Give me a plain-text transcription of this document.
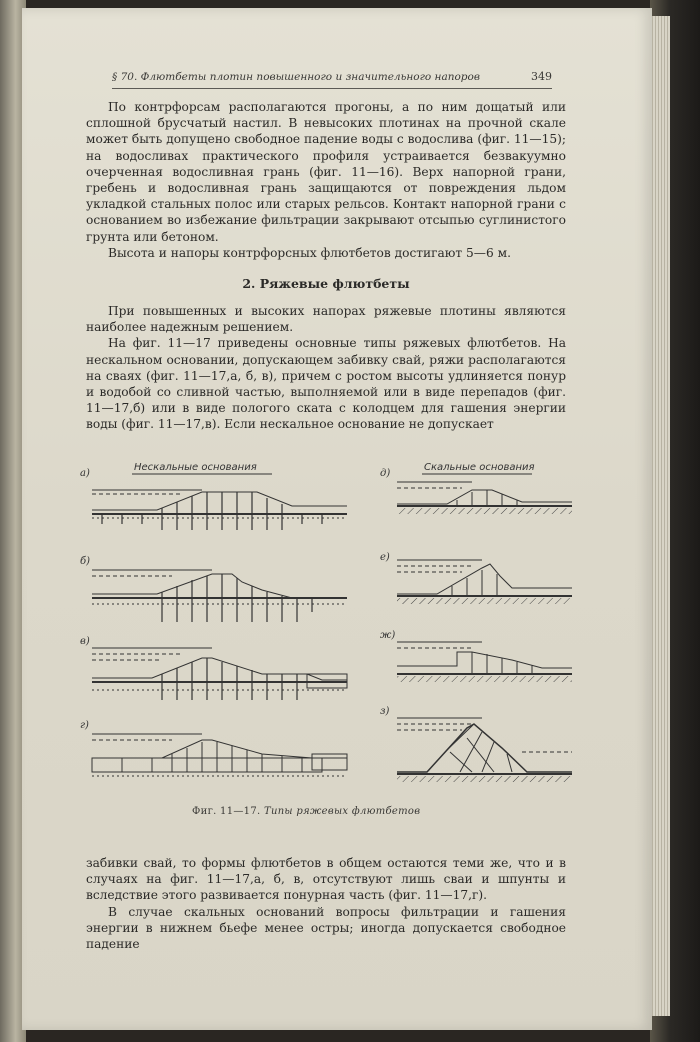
§ 70. Флютбеты плотин повышенного и значительного напоров	349

По контрфорсам располагаются прогоны, а по ним дощатый или сплошной брусчатый настил. В невысоких плотинах на прочной скале может быть допущено свободное падение воды с водослива (фиг. 11—15); на водосливах практического профиля устраивается безвакуумно очерченная водосливная грань (фиг. 11—16). Верх напорной грани, гребень и водосливная грань защищаются от повреждения льдом укладкой стальных полос или старых рельсов. Контакт напорной грани с основанием во избежание фильтрации закрывают отсыпью суглинистого грунта или бетоном.

Высота и напоры контрфорсных флютбетов достигают 5—6 м.

2. Ряжевые флютбеты

При повышенных и высоких напорах ряжевые плотины являются наиболее надежным решением.

На фиг. 11—17 приведены основные типы ряжевых флютбетов. На нескальном основании, допускающем забивку свай, ряжи располагаются на сваях (фиг. 11—17,а, б, в), причем с ростом высоты удлиняется понур и водобой со сливной частью, выполняемой или в виде перепадов (фиг. 11—17,б) или в виде пологого ската с колодцем для гашения энергии воды (фиг. 11—17,в). Если нескальное основание не допускает

Нескальные основания	Скальные основания
а)
б)
в)
г)
д)
е)
ж)
з)
Фиг. 11—17. Типы ряжевых флютбетов

забивки свай, то формы флютбетов в общем остаются теми же, что и в случаях на фиг. 11—17,а, б, в, отсутствуют лишь сваи и шпунты и вследствие этого развивается понурная часть (фиг. 11—17,г).

В случае скальных оснований вопросы фильтрации и гашения энергии в нижнем бьефе менее остры; иногда допускается свободное падение
